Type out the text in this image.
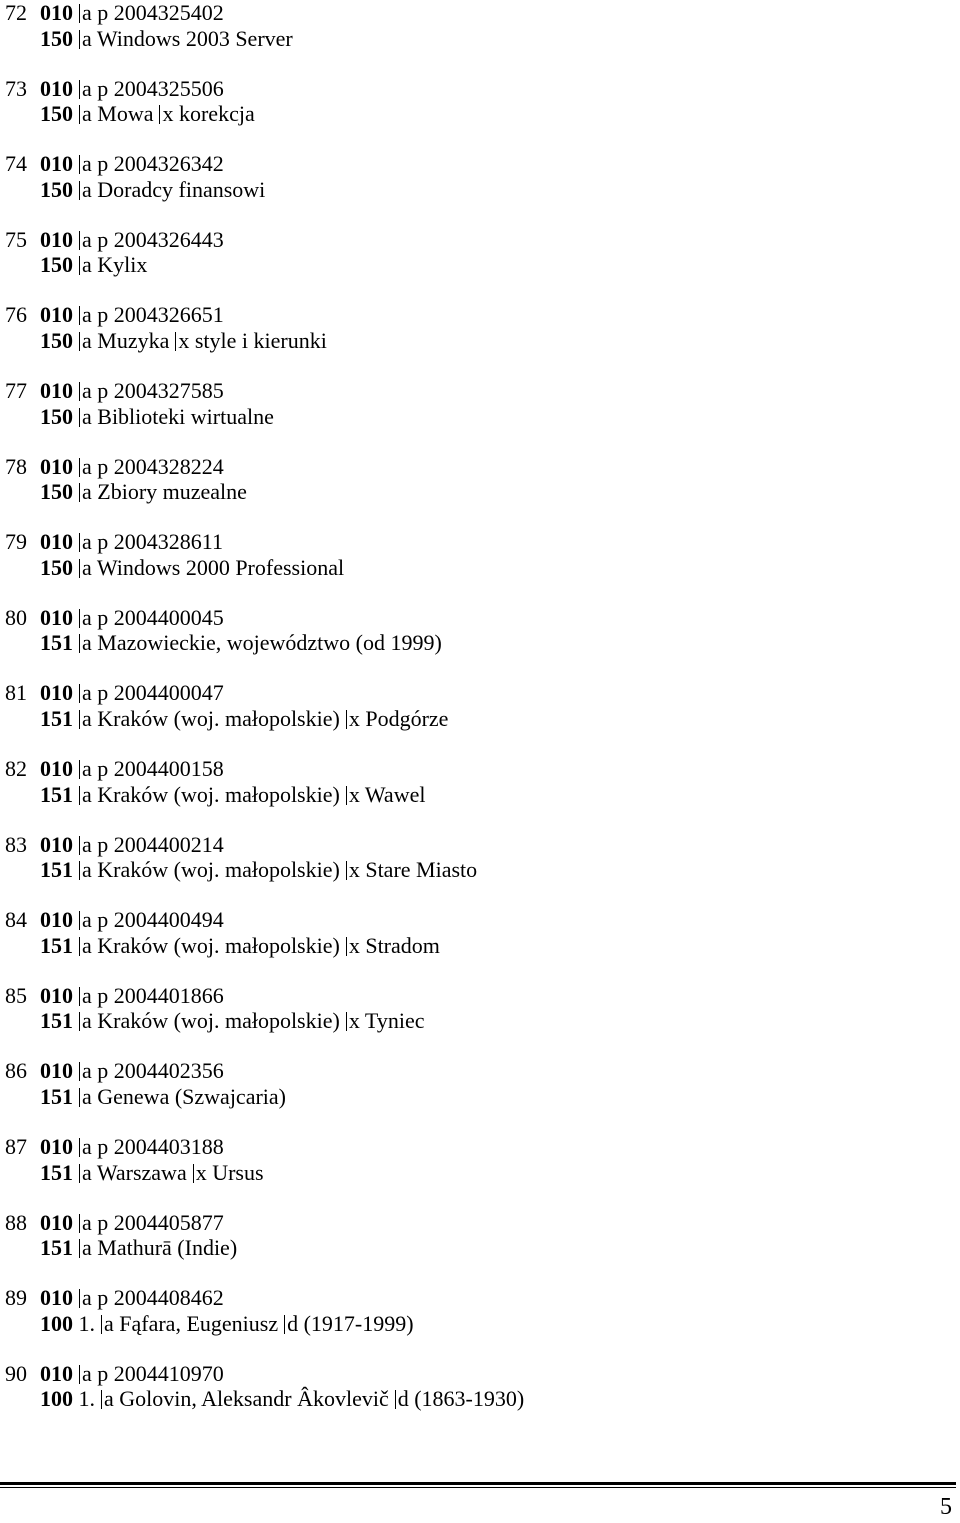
72 010 a p 2004325402
150 a Windows 2003 Server
73 010 a p 2004325506
150 a Mowa x korekcja
74 010 a p 2004326342
150 a Doradcy finansowi
75 010 a p 2004326443
150 a Kylix
76 010 a p 2004326651
150 a Muzyka x style i kierunki
77 010 a p 2004327585
150 a Biblioteki wirtualne
78 010 a p 2004328224
150 a Zbiory muzealne
79 010 a p 2004328611
150 a Windows 2000 Professional
80 010 a p 2004400045
151 a Mazowieckie, województwo (od 1999)
81 010 a p 2004400047
151 a Kraków (woj. małopolskie) x Podgórze
82 010 a p 2004400158
151 a Kraków (woj. małopolskie) x Wawel
83 010 a p 2004400214
151 a Kraków (woj. małopolskie) x Stare Miasto
84 010 a p 2004400494
151 a Kraków (woj. małopolskie) x Stradom
85 010 a p 2004401866
151 a Kraków (woj. małopolskie) x Tyniec
86 010 a p 2004402356
151 a Genewa (Szwajcaria)
87 010 a p 2004403188
151 a Warszawa x Ursus
88 010 a p 2004405877
151 a Mathurā (Indie)
89 010 a p 2004408462
100 1. a Fąfara, Eugeniusz d (1917-1999)
90 010 a p 2004410970
100 1. a Golovin, Aleksandr Âkovlevič d (1863-1930)
5
